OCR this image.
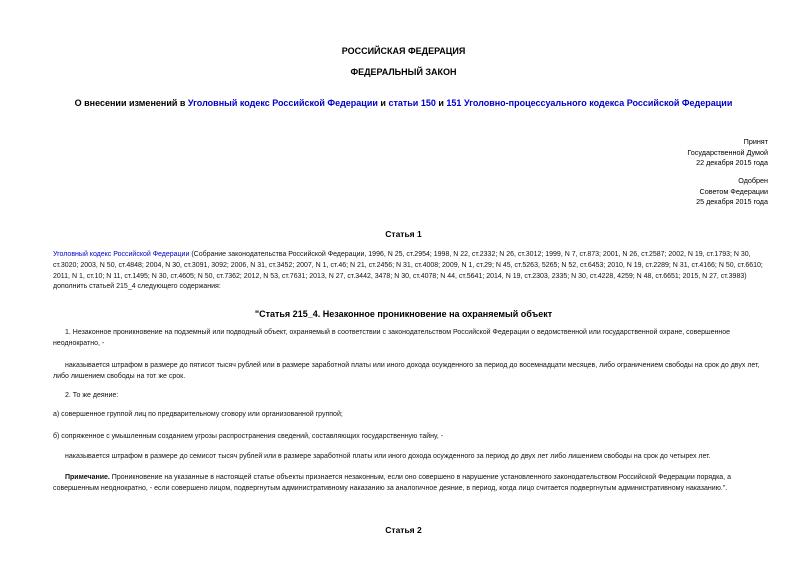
РОССИЙСКАЯ ФЕДЕРАЦИЯ
ФЕДЕРАЛЬНЫЙ ЗАКОН
О внесении изменений в Уголовный кодекс Российской Федерации и статьи 150 и 151 Уголовно-процессуального кодекса Российской Федерации
Принят
Государственной Думой
22 декабря 2015 года
Одобрен
Советом Федерации
25 декабря 2015 года
Статья 1
Уголовный кодекс Российской Федерации (Собрание законодательства Российской Федерации, 1996, N 25, ст.2954; 1998, N 22, ст.2332; N 26, ст.3012; 1999, N 7, ст.873; 2001, N 26, ст.2587; 2002, N 19, ст.1793; N 30, ст.3020; 2003, N 50, ст.4848; 2004, N 30, ст.3091, 3092; 2006, N 31, ст.3452; 2007, N 1, ст.46; N 21, ст.2456; N 31, ст.4008; 2009, N 1, ст.29; N 45, ст.5263, 5265; N 52, ст.6453; 2010, N 19, ст.2289; N 31, ст.4166; N 50, ст.6610; 2011, N 1, ст.10; N 11, ст.1495; N 30, ст.4605; N 50, ст.7362; 2012, N 53, ст.7631; 2013, N 27, ст.3442, 3478; N 30, ст.4078; N 44, ст.5641; 2014, N 19, ст.2303, 2335; N 30, ст.4228, 4259; N 48, ст.6651; 2015, N 27, ст.3983) дополнить статьей 215_4 следующего содержания:
"Статья 215_4. Незаконное проникновение на охраняемый объект
1. Незаконное проникновение на подземный или подводный объект, охраняемый в соответствии с законодательством Российской Федерации о ведомственной или государственной охране, совершенное неоднократно, -
наказывается штрафом в размере до пятисот тысяч рублей или в размере заработной платы или иного дохода осужденного за период до восемнадцати месяцев, либо ограничением свободы на срок до двух лет, либо лишением свободы на тот же срок.
2. То же деяние:
а) совершенное группой лиц по предварительному сговору или организованной группой;
б) сопряженное с умышленным созданием угрозы распространения сведений, составляющих государственную тайну, -
наказывается штрафом в размере до семисот тысяч рублей или в размере заработной платы или иного дохода осужденного за период до двух лет либо лишением свободы на срок до четырех лет.
Примечание. Проникновение на указанные в настоящей статье объекты признается незаконным, если оно совершено в нарушение установленного законодательством Российской Федерации порядка, а совершенным неоднократно, - если совершено лицом, подвергнутым административному наказанию за аналогичное деяние, в период, когда лицо считается подвергнутым административному наказанию.".
Статья 2
